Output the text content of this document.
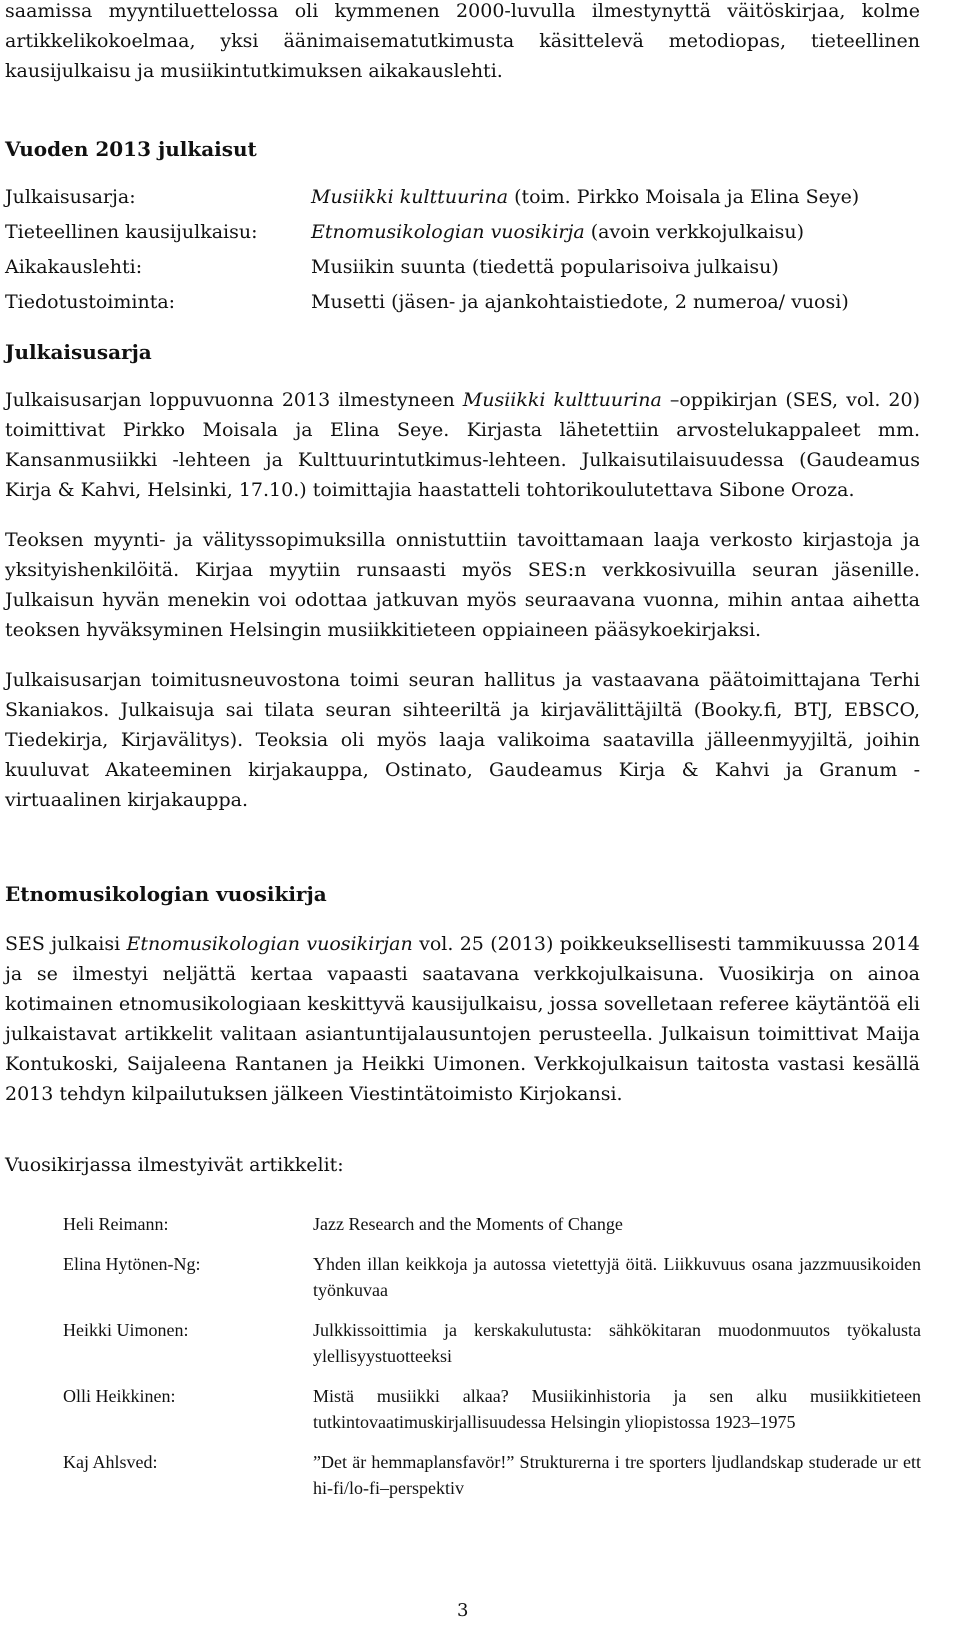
saamissa myyntiluettelossa oli kymmenen 2000-luvulla ilmestynyttä väitöskirjaa, kolme artikkelikokoelmaa, yksi äänimaisematutkimusta käsittelevä metodiopas, tieteellinen kausijulkaisu ja musiikintutkimuksen aikakauslehti.

Vuoden 2013 julkaisut
Julkaisusarja:	Musiikki kulttuurina (toim. Pirkko Moisala ja Elina Seye)
Tieteellinen kausijulkaisu:	Etnomusikologian vuosikirja (avoin verkkojulkaisu)
Aikakauslehti:	Musiikin suunta (tiedettä popularisoiva julkaisu)
Tiedotustoiminta:	Musetti (jäsen- ja ajankohtaistiedote, 2 numeroa/ vuosi)
Julkaisusarja

Julkaisusarjan loppuvuonna 2013 ilmestyneen Musiikki kulttuurina –oppikirjan (SES, vol. 20) toimittivat Pirkko Moisala ja Elina Seye. Kirjasta lähetettiin arvostelukappaleet mm. Kansanmusiikki -lehteen ja Kulttuurintutkimus-lehteen. Julkaisutilaisuudessa (Gaudeamus Kirja & Kahvi, Helsinki, 17.10.) toimittajia haastatteli tohtorikoulutettava Sibone Oroza.

Teoksen myynti- ja välityssopimuksilla onnistuttiin tavoittamaan laaja verkosto kirjastoja ja yksityishenkilöitä. Kirjaa myytiin runsaasti myös SES:n verkkosivuilla seuran jäsenille. Julkaisun hyvän menekin voi odottaa jatkuvan myös seuraavana vuonna, mihin antaa aihetta teoksen hyväksyminen Helsingin musiikkitieteen oppiaineen pääsykoekirjaksi.

Julkaisusarjan toimitusneuvostona toimi seuran hallitus ja vastaavana päätoimittajana Terhi Skaniakos. Julkaisuja sai tilata seuran sihteeriltä ja kirjavälittäjiltä (Booky.fi, BTJ, EBSCO, Tiedekirja, Kirjavälitys). Teoksia oli myös laaja valikoima saatavilla jälleenmyyjiltä, joihin kuuluvat Akateeminen kirjakauppa, Ostinato, Gaudeamus Kirja & Kahvi ja Granum -virtuaalinen kirjakauppa.

Etnomusikologian vuosikirja

SES julkaisi Etnomusikologian vuosikirjan vol. 25 (2013) poikkeuksellisesti tammikuussa 2014 ja se ilmestyi neljättä kertaa vapaasti saatavana verkkojulkaisuna. Vuosikirja on ainoa kotimainen etnomusikologiaan keskittyvä kausijulkaisu, jossa sovelletaan referee käytäntöä eli julkaistavat artikkelit valitaan asiantuntijalausuntojen perusteella. Julkaisun toimittivat Maija Kontukoski, Saijaleena Rantanen ja Heikki Uimonen. Verkkojulkaisun taitosta vastasi kesällä 2013 tehdyn kilpailutuksen jälkeen Viestintätoimisto Kirjokansi.

Vuosikirjassa ilmestyivät artikkelit:

Heli Reimann:	Jazz Research and the Moments of Change
Elina Hytönen-Ng:	Yhden illan keikkoja ja autossa vietettyjä öitä. Liikkuvuus osana jazzmuusikoiden työnkuvaa
Heikki Uimonen:	Julkkissoittimia ja kerskakulutusta: sähkökitaran muodonmuutos työkalusta ylellisyystuotteeksi
Olli Heikkinen:	Mistä musiikki alkaa? Musiikinhistoria ja sen alku musiikkitieteen tutkintovaatimuskirjallisuudessa Helsingin yliopistossa 1923–1975
Kaj Ahlsved:	”Det är hemmaplansfavör!” Strukturerna i tre sporters ljudlandskap studerade ur ett hi-fi/lo-fi–perspektiv
3
